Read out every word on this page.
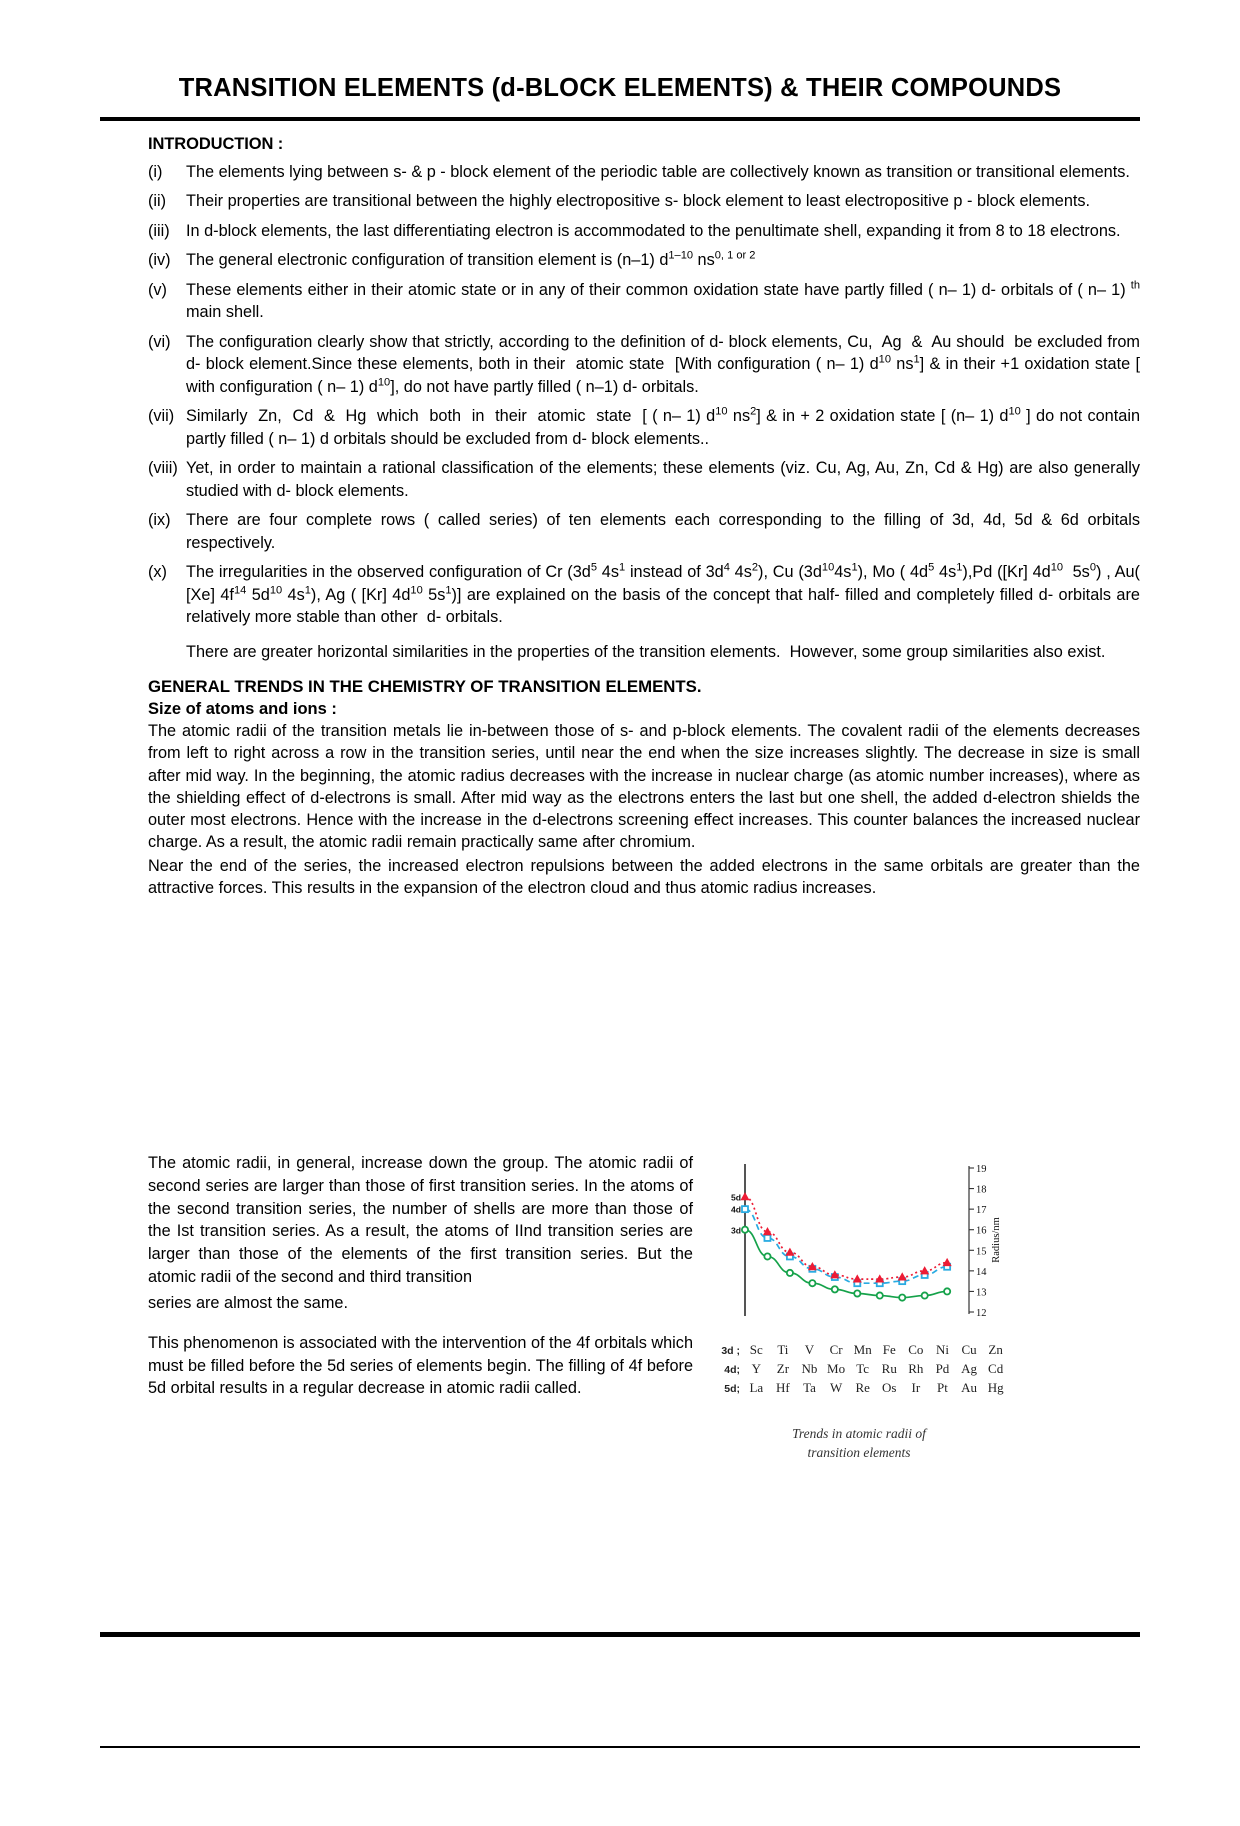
TRANSITION ELEMENTS (d-BLOCK ELEMENTS) & THEIR COMPOUNDS
INTRODUCTION :
(i)	The elements lying between s- & p - block element of the periodic table are collectively known as transition or transitional elements.
(ii)	Their properties are transitional between the highly electropositive s- block element to least electropositive p - block elements.
(iii) In d-block elements, the last differentiating electron is accommodated to the penultimate shell, expanding it from 8 to 18 electrons.
(iv) The general electronic configuration of transition element is (n–1) $d^{1-10}$ $ns^{0, 1 or 2}$
(v)	These elements either in their atomic state or in any of their common oxidation state have partly filled ( n– 1) d- orbitals of ( n– 1) $^{th}$ main shell.
(vi) The configuration clearly show that strictly, according to the definition of d- block elements, Cu,  Ag  &  Au should  be excluded from d- block element.Since these elements, both in their  atomic state  [With configuration ( n– 1) $d^{10}$ $ns^1$] & in their +1 oxidation state [ with configuration ( n– 1) $d^{10}$], do not have partly filled ( n–1) d- orbitals.
(vii) Similarly  Zn,  Cd  &  Hg  which  both  in  their  atomic  state  [ ( n– 1) $d^{10}$ $ns^2$] & in + 2 oxidation state [ (n– 1) $d^{10}$ ] do not contain partly filled ( n– 1) d orbitals should be excluded from d- block elements..
(viii) Yet, in order to maintain a rational classification of the elements; these elements (viz. Cu, Ag, Au, Zn, Cd & Hg) are also generally studied with d- block elements.
(ix) There are four complete rows ( called series) of ten elements each corresponding to the filling of 3d, 4d, 5d & 6d orbitals respectively.
(x)	The irregularities in the observed configuration of Cr ($3d^5$ $4s^1$ instead of $3d^4$ $4s^2$), Cu $(3d^{10}4s^1)$, Mo ( $4d^5$ $4s^1),Pd$ ([Kr] $4d^{10}$  $5s^0$) , Au( [Xe] $4f^{14}$ $5d^{10}$ $4s^1$), Ag ( [Kr] $4d^{10}$ $5s^1$)] are explained on the basis of the concept that half- filled and completely filled d- orbitals are relatively more stable than other  d- orbitals.
There are greater horizontal similarities in the properties of the transition elements.  However, some group similarities also exist.
GENERAL TRENDS IN THE CHEMISTRY OF TRANSITION ELEMENTS.
Size of atoms and ions :
The atomic radii of the transition metals lie in-between those of s- and p-block elements. The covalent radii of the elements decreases from left to right across a row in the transition series, until near the end when the size increases slightly. The decrease in size is small after mid way. In the beginning, the atomic radius decreases with the increase in nuclear charge (as atomic number increases), where as the shielding effect of d-electrons is small. After mid way as the electrons enters the last but one shell, the added d-electron shields the outer most electrons. Hence with the increase in the d-electrons screening effect increases. This counter balances the increased nuclear charge. As a result, the atomic radii remain practically same after chromium.
Near the end of the series, the increased electron repulsions between the added electrons in the same orbitals are greater than the attractive forces. This results in the expansion of the electron cloud and thus atomic radius increases.

The atomic radii, in general, increase down the group. The atomic radii of second series are larger than those of first transition series. In the atoms of the second transition series, the number of shells are more than those of the Ist transition series. As a result, the atoms of IInd transition series are larger than those of the elements of the first transition series. But the atomic radii of the second and third transition

series are almost the same.

This phenomenon is associated with the intervention of the 4f orbitals which must be filled before the 5d series of elements begin. The filling of 4f before 5d orbital results in a regular decrease in atomic radii called.

12
13
14
15
16
17
18
19
Radius/nm
3d
4d
5d
3d ; Sc	Ti	V	Cr Mn Fe Co Ni Cu Zn
4d; Y	Zr Nb Mo Tc Ru Rh Pd Ag Cd
5d; La Hf	Ta	W	Re Os	Ir	Pt	Au Hg
Trends in atomic radii of
transition elements
